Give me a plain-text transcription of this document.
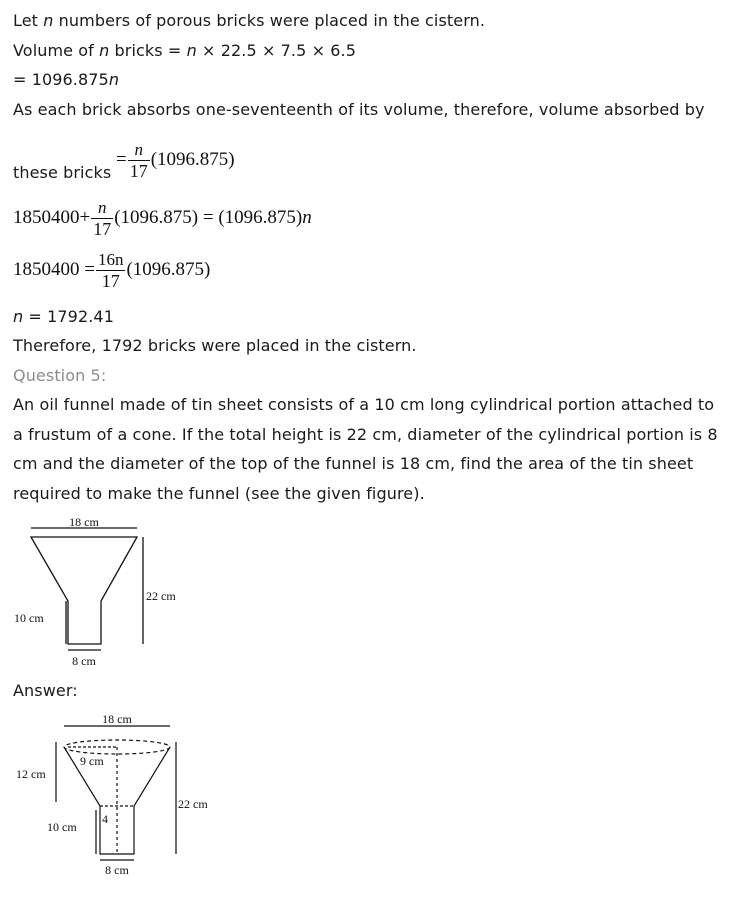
Let n numbers of porous bricks were placed in the cistern.
Volume of n bricks = n × 22.5 × 7.5 × 6.5
= 1096.875n
As each brick absorbs one-seventeenth of its volume, therefore, volume absorbed by
these bricks
= $\frac{n}{17} (1096.875)$
$1850400+ \frac{n}{17} (1096.875) = (1096.875)n$
$1850400 = \frac{16n}{17} (1096.875)$
n = 1792.41
Therefore, 1792 bricks were placed in the cistern.
Question 5:
An oil funnel made of tin sheet consists of a 10 cm long cylindrical portion attached to a frustum of a cone. If the total height is 22 cm, diameter of the cylindrical portion is 8 cm and the diameter of the top of the funnel is 18 cm, find the area of the tin sheet required to make the funnel (see the given figure).
18 cm
22 cm
10 cm
8 cm
Answer:
18 cm
9 cm
12 cm
22 cm
10 cm
4
8 cm
